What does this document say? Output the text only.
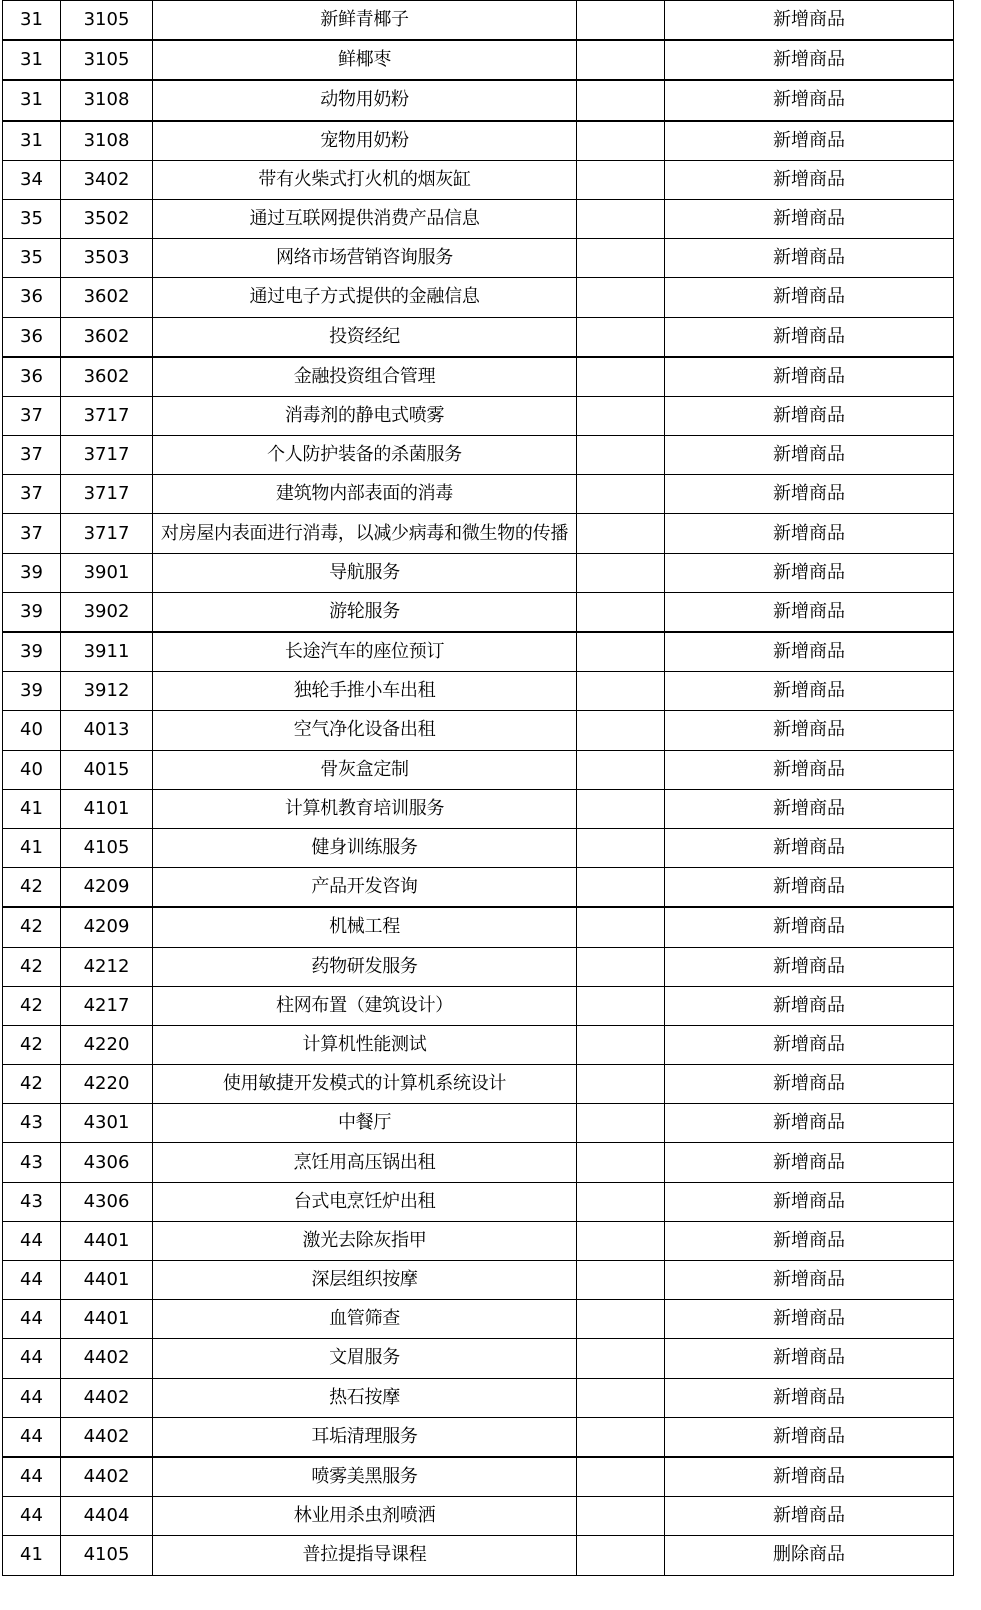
31	3105	新鲜青椰子		新增商品
31	3105	鲜椰枣		新增商品
31	3108	动物用奶粉		新增商品
31	3108	宠物用奶粉		新增商品
34	3402	带有火柴式打火机的烟灰缸		新增商品
35	3502	通过互联网提供消费产品信息		新增商品
35	3503	网络市场营销咨询服务		新增商品
36	3602	通过电子方式提供的金融信息		新增商品
36	3602	投资经纪		新增商品
36	3602	金融投资组合管理		新增商品
37	3717	消毒剂的静电式喷雾		新增商品
37	3717	个人防护装备的杀菌服务		新增商品
37	3717	建筑物内部表面的消毒		新增商品
37	3717	对房屋内表面进行消毒，以减少病毒和微生物的传播		新增商品
39	3901	导航服务		新增商品
39	3902	游轮服务		新增商品
39	3911	长途汽车的座位预订		新增商品
39	3912	独轮手推小车出租		新增商品
40	4013	空气净化设备出租		新增商品
40	4015	骨灰盒定制		新增商品
41	4101	计算机教育培训服务		新增商品
41	4105	健身训练服务		新增商品
42	4209	产品开发咨询		新增商品
42	4209	机械工程		新增商品
42	4212	药物研发服务		新增商品
42	4217	柱网布置（建筑设计）		新增商品
42	4220	计算机性能测试		新增商品
42	4220	使用敏捷开发模式的计算机系统设计		新增商品
43	4301	中餐厅		新增商品
43	4306	烹饪用高压锅出租		新增商品
43	4306	台式电烹饪炉出租		新增商品
44	4401	激光去除灰指甲		新增商品
44	4401	深层组织按摩		新增商品
44	4401	血管筛查		新增商品
44	4402	文眉服务		新增商品
44	4402	热石按摩		新增商品
44	4402	耳垢清理服务		新增商品
44	4402	喷雾美黑服务		新增商品
44	4404	林业用杀虫剂喷洒		新增商品
41	4105	普拉提指导课程		删除商品
